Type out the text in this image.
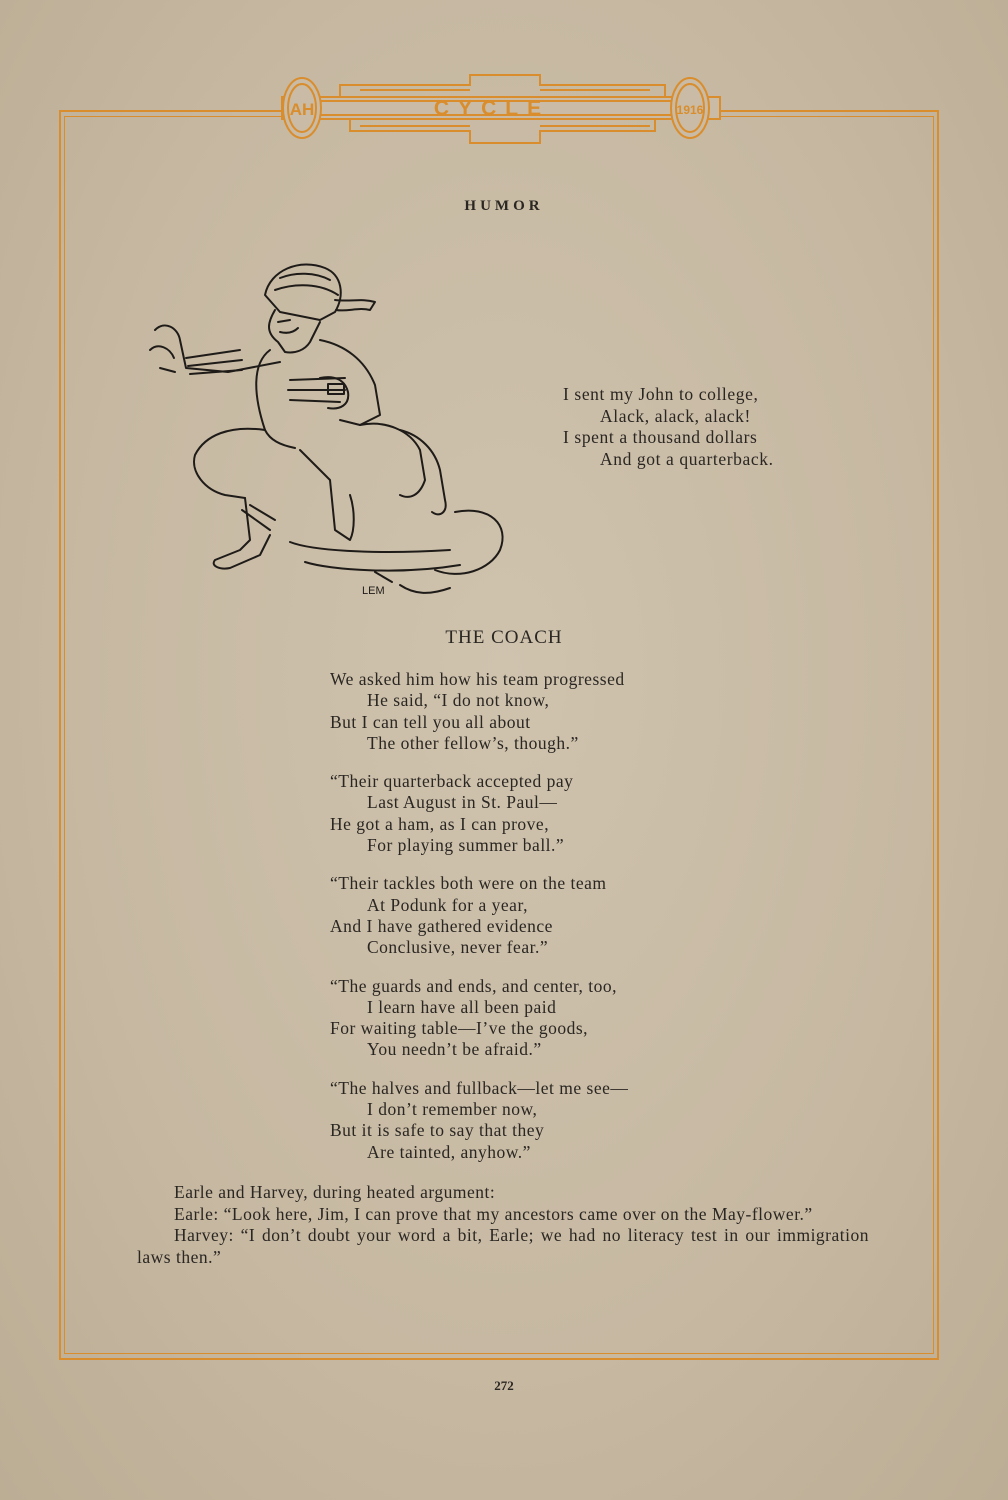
AH	CYCLE	1916
HUMOR
LEM
I sent my John to college,
Alack, alack, alack!
I spent a thousand dollars
And got a quarterback.
THE COACH
We asked him how his team progressed
He said, “I do not know,
But I can tell you all about
The other fellow’s, though.”
“Their quarterback accepted pay
Last August in St. Paul—
He got a ham, as I can prove,
For playing summer ball.”
“Their tackles both were on the team
At Podunk for a year,
And I have gathered evidence
Conclusive, never fear.”
“The guards and ends, and center, too,
I learn have all been paid
For waiting table—I’ve the goods,
You needn’t be afraid.”
“The halves and fullback—let me see—
I don’t remember now,
But it is safe to say that they
Are tainted, anyhow.”

Earle and Harvey, during heated argument:

Earle: “Look here, Jim, I can prove that my ancestors came over on the May-flower.”

Harvey: “I don’t doubt your word a bit, Earle; we had no literacy test in our immigration laws then.”

272
